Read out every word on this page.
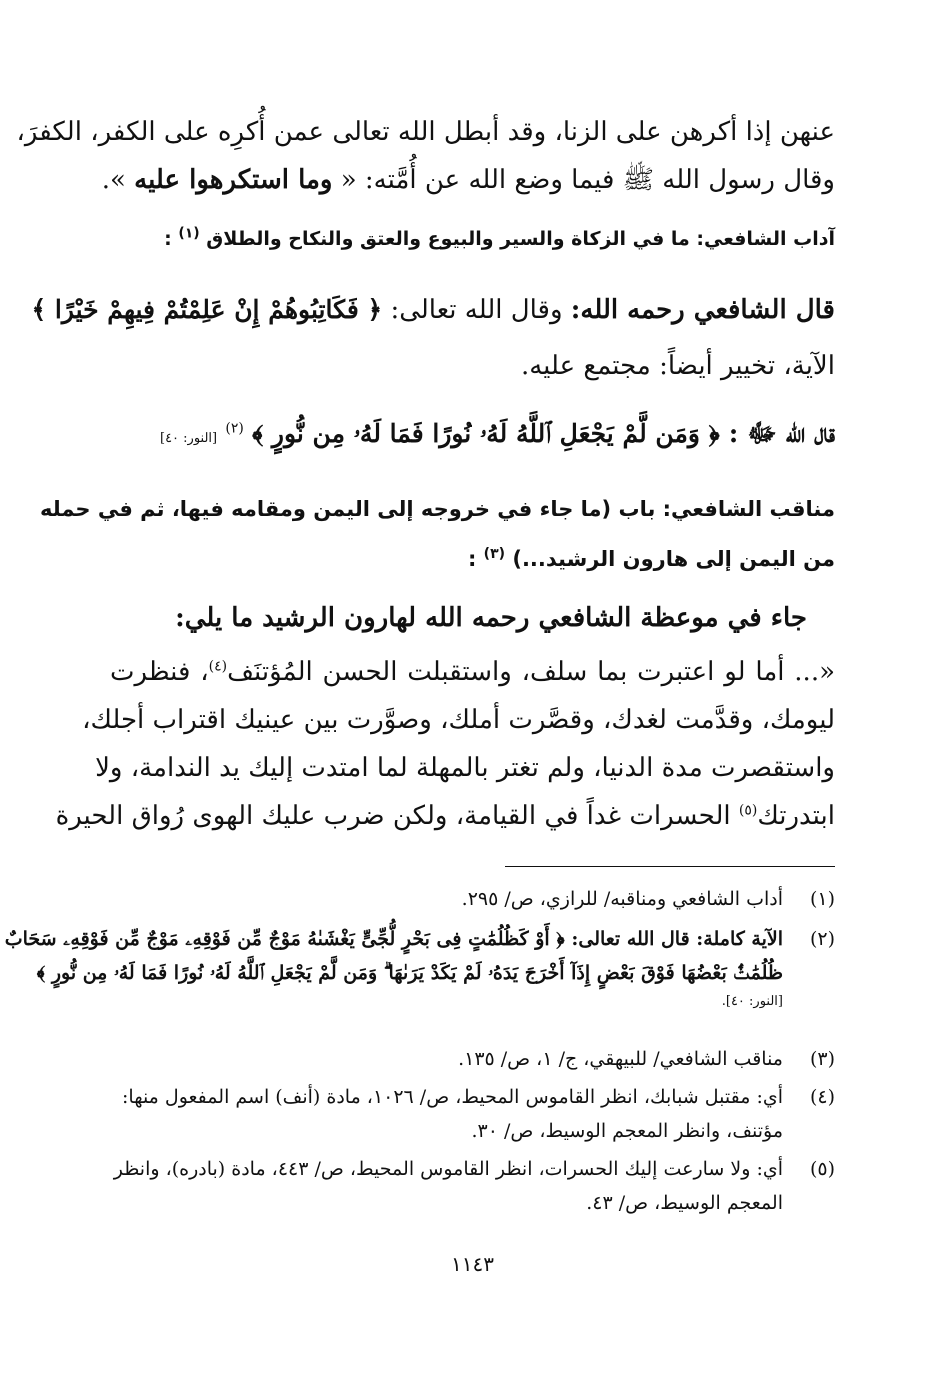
عنهن إذا أكرهن على الزنا، وقد أبطل الله تعالى عمن أُكرِه على الكفر، الكفرَ،
وقال رسول الله ﷺ فيما وضع الله عن أُمَّته: « وما استكرهوا عليه ».
آداب الشافعي: ما في الزكاة والسير والبيوع والعتق والنكاح والطلاق $^{(١)}$ :
قال الشافعي رحمه الله: وقال الله تعالى: ﴿ فَكَاتِبُوهُمْ إِنْ عَلِمْتُمْ فِيهِمْ خَيْرًا ﴾
الآية، تخيير أيضاً: مجتمع عليه.
قال الله ﷻ : ﴿ وَمَن لَّمْ يَجْعَلِ ٱللَّهُ لَهُۥ نُورًا فَمَا لَهُۥ مِن نُّورٍ ﴾ $^{(٢)}$ [النور: ٤٠]
مناقب الشافعي: باب (ما جاء في خروجه إلى اليمن ومقامه فيها، ثم في حمله
من اليمن إلى هارون الرشيد...) $^{(٣)}$ :
جاء في موعظة الشافعي رحمه الله لهارون الرشيد ما يلي:
«... أما لو اعتبرت بما سلف، واستقبلت الحسن المُؤتنَف$^{(٤)}$، فنظرت
ليومك، وقدَّمت لغدك، وقصَّرت أملك، وصوَّرت بين عينيك اقتراب أجلك،
واستقصرت مدة الدنيا، ولم تغتر بالمهلة لما امتدت إليك يد الندامة، ولا
ابتدرتك$^{(٥)}$ الحسرات غداً في القيامة، ولكن ضرب عليك الهوى رُواق الحيرة
(١)
أداب الشافعي ومناقبه/ للرازي، ص/ ٢٩٥.
(٢)
الآية كاملة: قال الله تعالى: ﴿ أَوْ كَظُلُمَٰتٍ فِى بَحْرٍ لُّجِّىٍّ يَغْشَىٰهُ مَوْجٌ مِّن فَوْقِهِۦ مَوْجٌ مِّن فَوْقِهِۦ سَحَابٌ
ظُلُمَٰتٌۢ بَعْضُهَا فَوْقَ بَعْضٍ إِذَآ أَخْرَجَ يَدَهُۥ لَمْ يَكَدْ يَرَىٰهَا ۗ وَمَن لَّمْ يَجْعَلِ ٱللَّهُ لَهُۥ نُورًا فَمَا لَهُۥ مِن نُّورٍ ﴾
[النور: ٤٠].
(٣)
مناقب الشافعي/ للبيهقي، ج/ ١، ص/ ١٣٥.
(٤)
أي: مقتبل شبابك، انظر القاموس المحيط، ص/ ١٠٢٦، مادة (أنف) اسم المفعول منها:
مؤتنف، وانظر المعجم الوسيط، ص/ ٣٠.
(٥)
أي: ولا سارعت إليك الحسرات، انظر القاموس المحيط، ص/ ٤٤٣، مادة (بادره)، وانظر
المعجم الوسيط، ص/ ٤٣.
١١٤٣
